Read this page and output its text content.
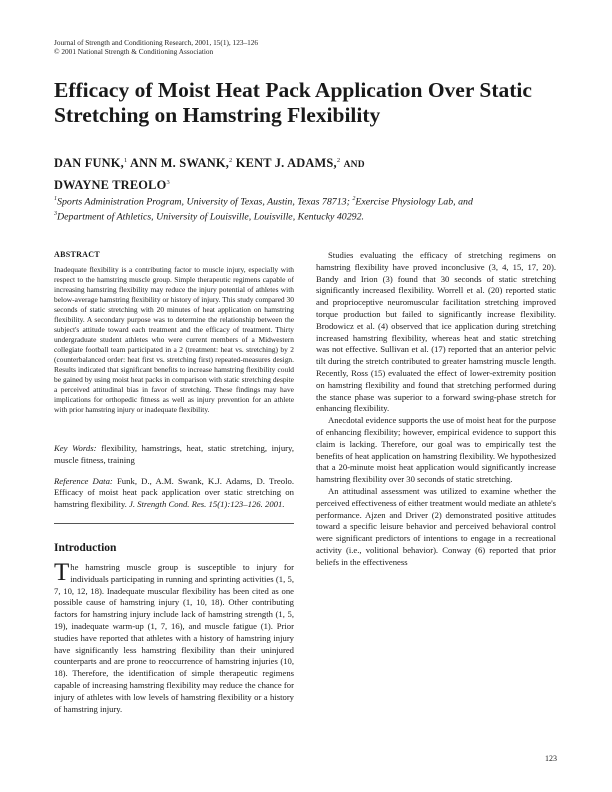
Journal of Strength and Conditioning Research, 2001, 15(1), 123–126
© 2001 National Strength & Conditioning Association
Efficacy of Moist Heat Pack Application Over Static Stretching on Hamstring Flexibility
DAN FUNK,$^1$ ANN M. SWANK,$^2$ KENT J. ADAMS,$^2$ AND
DWAYNE TREOLO$^3$
$^1$Sports Administration Program, University of Texas, Austin, Texas 78713; $^2$Exercise Physiology Lab, and
$^3$Department of Athletics, University of Louisville, Louisville, Kentucky 40292.
ABSTRACT

Inadequate flexibility is a contributing factor to muscle injury, especially with respect to the hamstring muscle group. Simple therapeutic regimens capable of increasing hamstring flexibility may reduce the injury potential of athletes with below-average hamstring flexibility or history of injury. This study compared 30 seconds of static stretching with 20 minutes of heat application on hamstring flexibility. A secondary purpose was to determine the relationship between the subject's attitude toward each treatment and the efficacy of treatment. Thirty undergraduate student athletes who were current members of a Midwestern collegiate football team participated in a 2 (treatment: heat vs. stretching) by 2 (counterbalanced order: heat first vs. stretching first) repeated-measures design. Results indicated that significant benefits to increase hamstring flexibility could be gained by using moist heat packs in comparison with static stretching despite a perceived attitudinal bias in favor of stretching. These findings may have implications for orthopedic fitness as well as injury prevention for an athlete with prior hamstring injury or inadequate flexibility.

Key Words: flexibility, hamstrings, heat, static stretching, injury, muscle fitness, training

Reference Data: Funk, D., A.M. Swank, K.J. Adams, D. Treolo. Efficacy of moist heat pack application over static stretching on hamstring flexibility. J. Strength Cond. Res. 15(1):123–126. 2001.

Introduction

The hamstring muscle group is susceptible to injury for individuals participating in running and sprinting activities (1, 5, 7, 10, 12, 18). Inadequate muscular flexibility has been cited as one possible cause of hamstring injury (1, 10, 18). Other contributing factors for hamstring injury include lack of hamstring strength (1, 5, 19), inadequate warm-up (1, 7, 16), and muscle fatigue (1). Prior studies have reported that athletes with a history of hamstring injury have significantly less hamstring flexibility than their uninjured counterparts and are prone to reoccurrence of hamstring injuries (10, 18). Therefore, the identification of simple therapeutic regimens capable of increasing hamstring flexibility may reduce the chance for injury of athletes with low levels of hamstring flexibility or a history of hamstring injury.

Studies evaluating the efficacy of stretching regimens on hamstring flexibility have proved inconclusive (3, 4, 15, 17, 20). Bandy and Irion (3) found that 30 seconds of static stretching significantly increased flexibility. Worrell et al. (20) reported static and proprioceptive neuromuscular facilitation stretching improved torque production but failed to significantly increase flexibility. Brodowicz et al. (4) observed that ice application during stretching increased hamstring flexibility, whereas heat and static stretching was not effective. Sullivan et al. (17) reported that an anterior pelvic tilt during the stretch contributed to greater hamstring muscle length. Recently, Ross (15) evaluated the effect of lower-extremity position on hamstring flexibility and found that stretching performed during the stance phase was superior to a forward swing-phase stretch for enhancing flexibility.

Anecdotal evidence supports the use of moist heat for the purpose of enhancing flexibility; however, empirical evidence to support this claim is lacking. Therefore, our goal was to empirically test the benefits of heat application on hamstring flexibility. We hypothesized that a 20-minute moist heat application would significantly increase hamstring flexibility over 30 seconds of static stretching.

An attitudinal assessment was utilized to examine whether the perceived effectiveness of either treatment would mediate an athlete's performance. Ajzen and Driver (2) demonstrated positive attitudes toward a specific leisure behavior and perceived behavioral control were significant predictors of intentions to engage in a recreational activity (i.e., volitional behavior). Conway (6) reported that prior beliefs in the effectiveness

123
